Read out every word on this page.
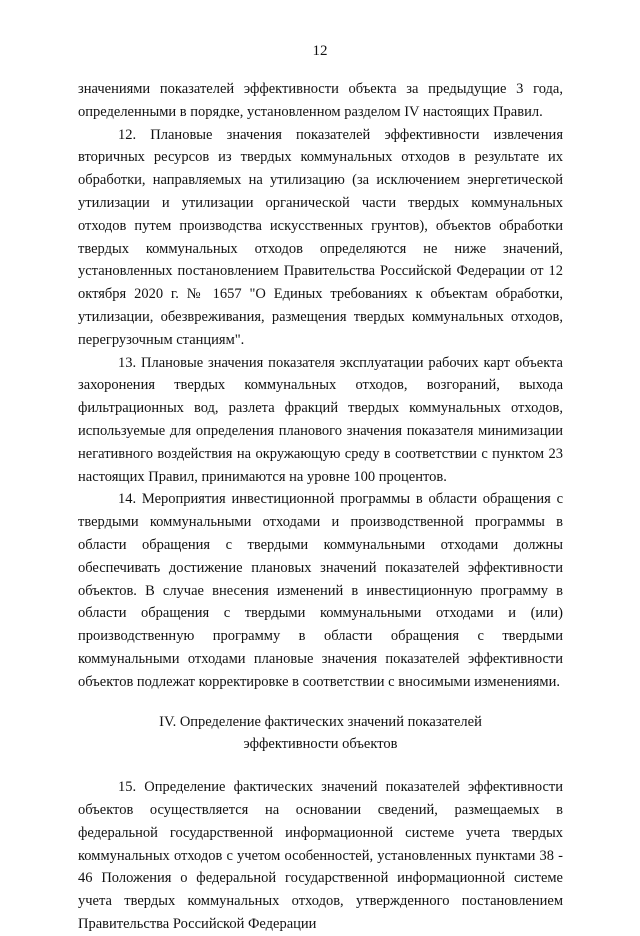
12

значениями показателей эффективности объекта за предыдущие 3 года, определенными в порядке, установленном разделом IV настоящих Правил.

12. Плановые значения показателей эффективности извлечения вторичных ресурсов из твердых коммунальных отходов в результате их обработки, направляемых на утилизацию (за исключением энергетической утилизации и утилизации органической части твердых коммунальных отходов путем производства искусственных грунтов), объектов обработки твердых коммунальных отходов определяются не ниже значений, установленных постановлением Правительства Российской Федерации от 12 октября 2020 г. № 1657 "О Единых требованиях к объектам обработки, утилизации, обезвреживания, размещения твердых коммунальных отходов, перегрузочным станциям".

13. Плановые значения показателя эксплуатации рабочих карт объекта захоронения твердых коммунальных отходов, возгораний, выхода фильтрационных вод, разлета фракций твердых коммунальных отходов, используемые для определения планового значения показателя минимизации негативного воздействия на окружающую среду в соответствии с пунктом 23 настоящих Правил, принимаются на уровне 100 процентов.

14. Мероприятия инвестиционной программы в области обращения с твердыми коммунальными отходами и производственной программы в области обращения с твердыми коммунальными отходами должны обеспечивать достижение плановых значений показателей эффективности объектов. В случае внесения изменений в инвестиционную программу в области обращения с твердыми коммунальными отходами и (или) производственную программу в области обращения с твердыми коммунальными отходами плановые значения показателей эффективности объектов подлежат корректировке в соответствии с вносимыми изменениями.

IV. Определение фактических значений показателей
эффективности объектов

15. Определение фактических значений показателей эффективности объектов осуществляется на основании сведений, размещаемых в федеральной государственной информационной системе учета твердых коммунальных отходов с учетом особенностей, установленных пунктами 38 - 46 Положения о федеральной государственной информационной системе учета твердых коммунальных отходов, утвержденного постановлением Правительства Российской Федерации
